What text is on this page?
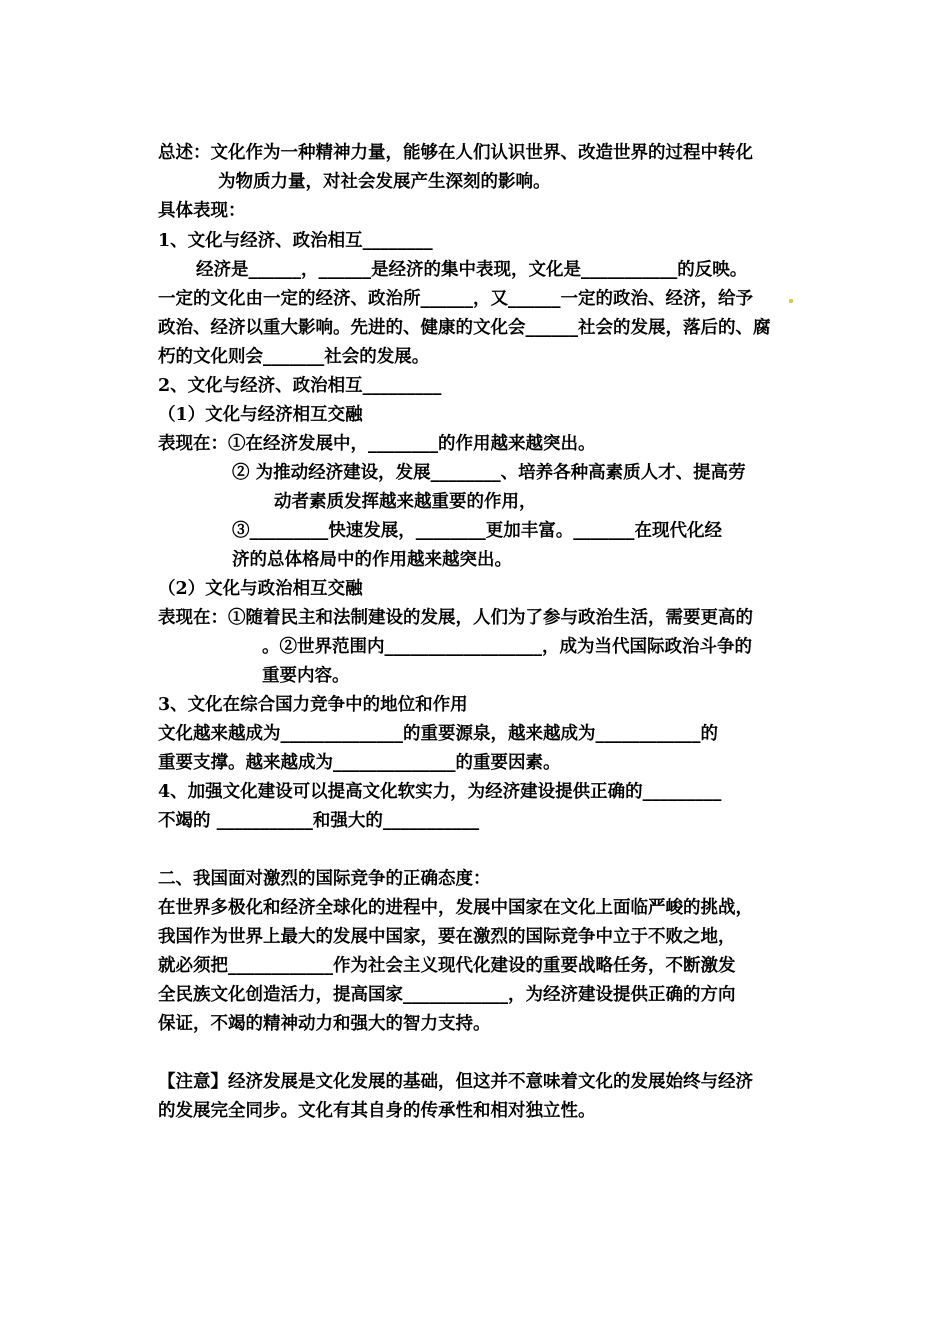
总述：文化作为一种精神力量，能够在人们认识世界、改造世界的过程中转化
为物质力量，对社会发展产生深刻的影响。
具体表现：
1、文化与经济、政治相互________
经济是______，______是经济的集中表现，文化是___________的反映。
一定的文化由一定的经济、政治所______，又______一定的政治、经济，给予
政治、经济以重大影响。先进的、健康的文化会______社会的发展，落后的、腐
朽的文化则会_______社会的发展。
2、文化与经济、政治相互_________
（1）文化与经济相互交融
表现在：①在经济发展中，________的作用越来越突出。
② 为推动经济建设，发展________、培养各种高素质人才、提高劳
动者素质发挥越来越重要的作用，
③_________快速发展，________更加丰富。_______在现代化经
济的总体格局中的作用越来越突出。
（2）文化与政治相互交融
表现在：①随着民主和法制建设的发展，人们为了参与政治生活，需要更高的
。②世界范围内__________________，成为当代国际政治斗争的
重要内容。
3、文化在综合国力竞争中的地位和作用
文化越来越成为______________的重要源泉，越来越成为____________的
重要支撑。越来越成为______________的重要因素。
4、加强文化建设可以提高文化软实力，为经济建设提供正确的_________
不竭的 ___________和强大的___________
二、我国面对激烈的国际竞争的正确态度：
在世界多极化和经济全球化的进程中，发展中国家在文化上面临严峻的挑战，
我国作为世界上最大的发展中国家，要在激烈的国际竞争中立于不败之地，
就必须把____________作为社会主义现代化建设的重要战略任务，不断激发
全民族文化创造活力，提高国家____________，为经济建设提供正确的方向
保证，不竭的精神动力和强大的智力支持。
【注意】经济发展是文化发展的基础，但这并不意味着文化的发展始终与经济
的发展完全同步。文化有其自身的传承性和相对独立性。
